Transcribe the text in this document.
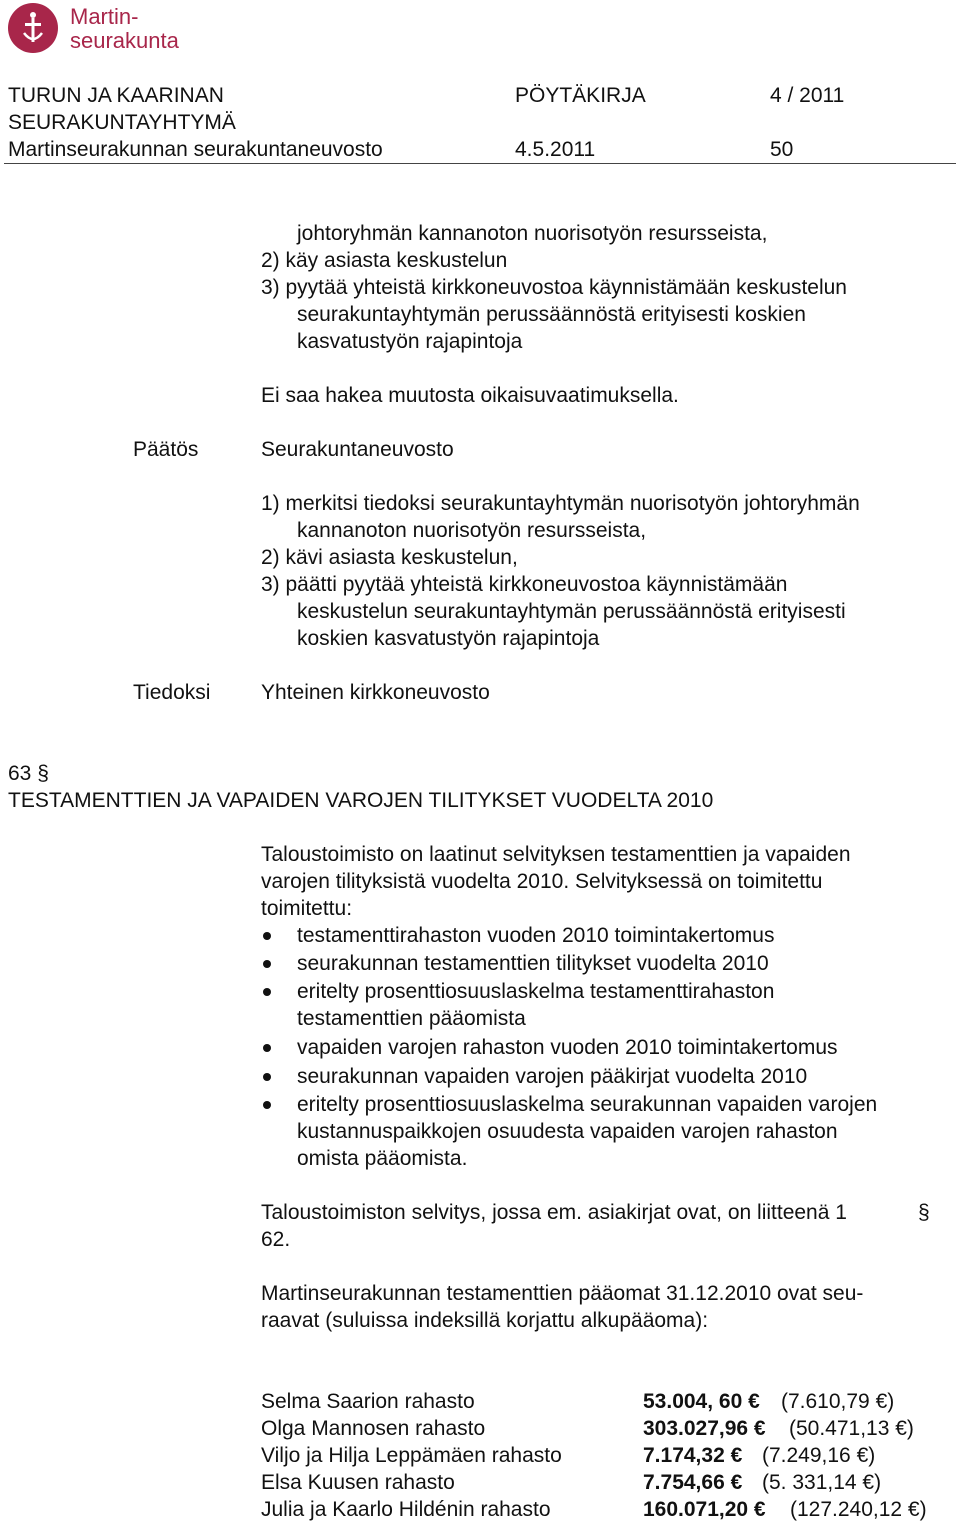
Martin-
seurakunta
TURUN JA KAARINAN
SEURAKUNTAYHTYMÄ
Martinseurakunnan seurakuntaneuvosto
PÖYTÄKIRJA	4 / 2011
4.5.2011	50
johtoryhmän kannanoton nuorisotyön resursseista,
2) käy asiasta keskustelun
3) pyytää yhteistä kirkkoneuvostoa käynnistämään keskustelun
seurakuntayhtymän perussäännöstä erityisesti koskien
kasvatustyön rajapintoja
Ei saa hakea muutosta oikaisuvaatimuksella.
Päätös	Seurakuntaneuvosto
1) merkitsi tiedoksi seurakuntayhtymän nuorisotyön johtoryhmän
kannanoton nuorisotyön resursseista,
2) kävi asiasta keskustelun,
3) päätti pyytää yhteistä kirkkoneuvostoa käynnistämään
keskustelun seurakuntayhtymän perussäännöstä erityisesti
koskien kasvatustyön rajapintoja
Tiedoksi Yhteinen kirkkoneuvosto
63 §
TESTAMENTTIEN JA VAPAIDEN VAROJEN TILITYKSET VUODELTA 2010
Taloustoimisto on laatinut selvityksen testamenttien ja vapaiden
varojen tilityksistä vuodelta 2010. Selvityksessä on toimitettu
toimitettu:
testamenttirahaston vuoden 2010 toimintakertomus
seurakunnan testamenttien tilitykset vuodelta 2010
eritelty prosenttiosuuslaskelma testamenttirahaston
testamenttien pääomista
vapaiden varojen rahaston vuoden 2010 toimintakertomus
seurakunnan vapaiden varojen pääkirjat vuodelta 2010
eritelty prosenttiosuuslaskelma seurakunnan vapaiden varojen
kustannuspaikkojen osuudesta vapaiden varojen rahaston
omista pääomista.
Taloustoimiston selvitys, jossa em. asiakirjat ovat, on liitteenä 1	§
62.
Martinseurakunnan testamenttien pääomat 31.12.2010 ovat seu-
raavat (suluissa indeksillä korjattu alkupääoma):
Selma Saarion rahasto	53.004, 60 € (7.610,79 €)
Olga Mannosen rahasto	303.027,96 € (50.471,13 €)
Viljo ja Hilja Leppämäen rahasto	7.174,32 € (7.249,16 €)
Elsa Kuusen rahasto	7.754,66 € (5. 331,14 €)
Julia ja Kaarlo Hildénin rahasto	160.071,20 € (127.240,12 €)
